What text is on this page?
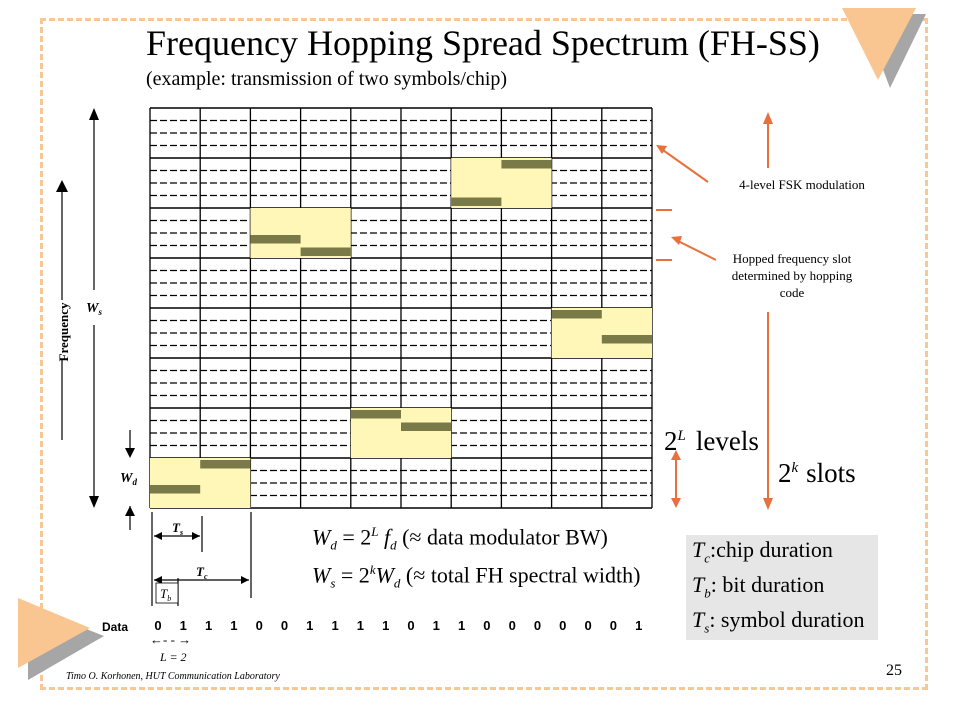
Frequency Hopping Spread Spectrum (FH-SS)
(example: transmission of two symbols/chip)
Frequency $W_s$
$W_d$
$T_s$
$T_c$
$T_b$
←- - →
4-level FSK modulation
Hopped frequency slot determined by hopping code
$2^L$ levels
2$^k$ slots
$W_d = 2^L$ $f_d$ (≈ data modulator BW)
$W_s = 2^kW_d$ (≈ total FH spectral width)
$T_c:chip$ duration
$T_b$: bit duration
$T_s$: symbol duration
Data	0	1	1	1	0	0	1	1	1	1	0	1	1	0	0	0	0	0	0	1
L = 2
Timo O. Korhonen, HUT Communication Laboratory	25
